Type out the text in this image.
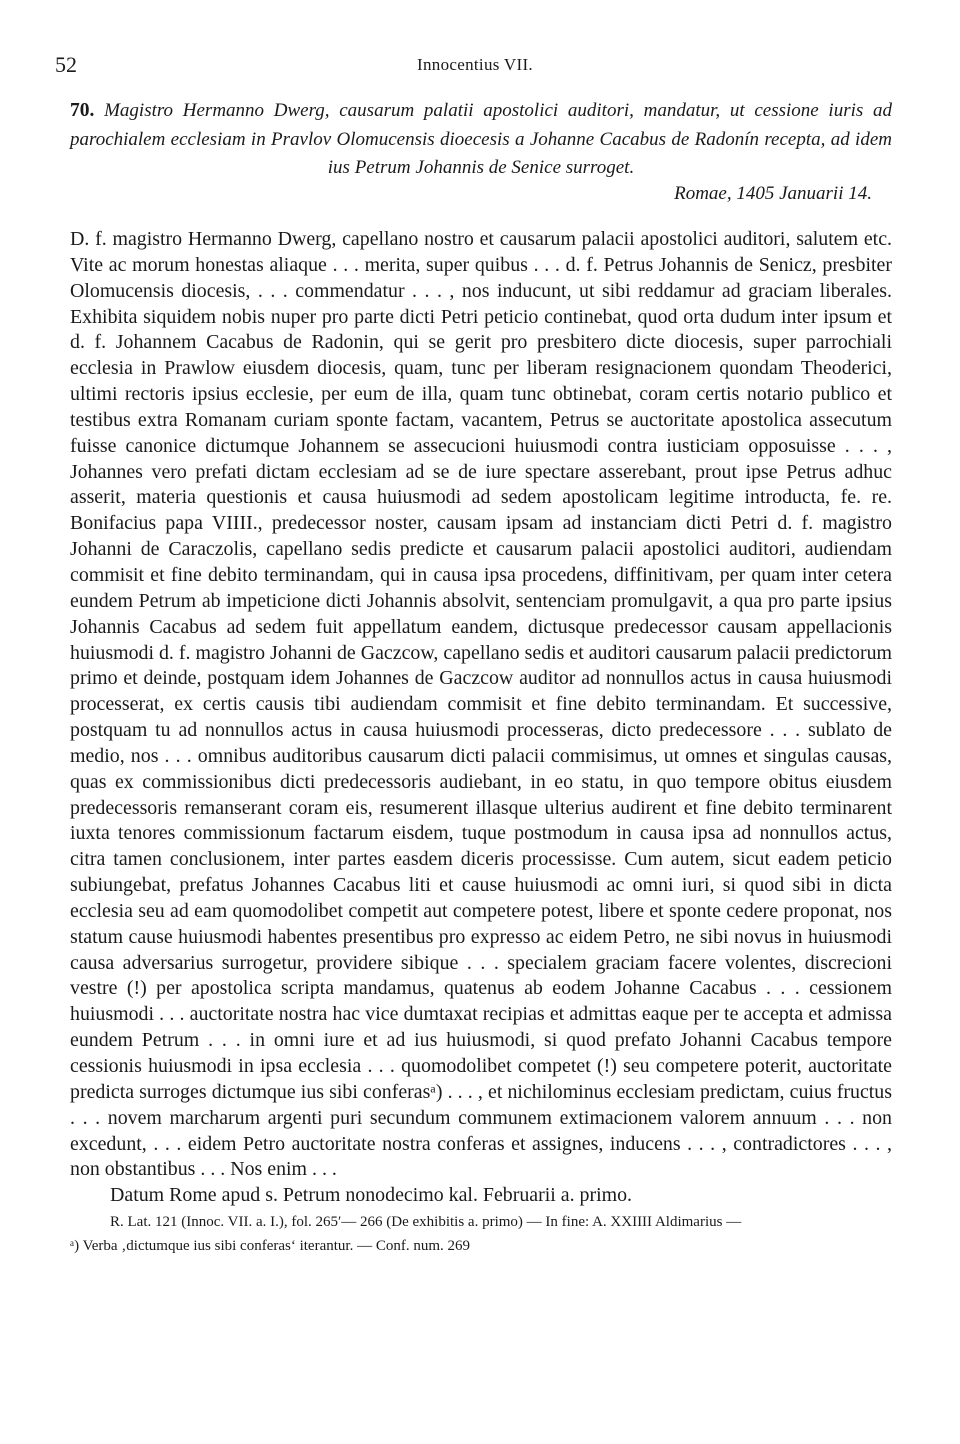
52	Innocentius VII.
70. Magistro Hermanno Dwerg, causarum palatii apostolici auditori, mandatur, ut cessione iuris ad parochialem ecclesiam in Pravlov Olomucensis dioecesis a Johanne Cacabus de Radonín recepta, ad idem ius Petrum Johannis de Senice surroget.
Romae, 1405 Januarii 14.

D. f. magistro Hermanno Dwerg, capellano nostro et causarum palacii apostolici auditori, salutem etc. Vite ac morum honestas aliaque . . . merita, super quibus . . . d. f. Petrus Johannis de Senicz, presbiter Olomucensis diocesis, . . . commendatur . . . , nos inducunt, ut sibi reddamur ad graciam liberales. Exhibita siquidem nobis nuper pro parte dicti Petri peticio continebat, quod orta dudum inter ipsum et d. f. Johannem Cacabus de Radonin, qui se gerit pro presbitero dicte diocesis, super parrochiali ecclesia in Prawlow eiusdem diocesis, quam, tunc per liberam resignacionem quondam Theoderici, ultimi rectoris ipsius ecclesie, per eum de illa, quam tunc obtinebat, coram certis notario publico et testibus extra Romanam curiam sponte factam, vacantem, Petrus se auctoritate apostolica assecutum fuisse canonice dictumque Johannem se assecucioni huiusmodi contra iusticiam opposuisse . . . , Johannes vero prefati dictam ecclesiam ad se de iure spectare asserebant, prout ipse Petrus adhuc asserit, materia questionis et causa huiusmodi ad sedem apostolicam legitime introducta, fe. re. Bonifacius papa VIIII., predecessor noster, causam ipsam ad instanciam dicti Petri d. f. magistro Johanni de Caraczolis, capellano sedis predicte et causarum palacii apostolici auditori, audiendam commisit et fine debito terminandam, qui in causa ipsa procedens, diffinitivam, per quam inter cetera eundem Petrum ab impeticione dicti Johannis absolvit, sentenciam promulgavit, a qua pro parte ipsius Johannis Cacabus ad sedem fuit appellatum eandem, dictusque predecessor causam appellacionis huiusmodi d. f. magistro Johanni de Gaczcow, capellano sedis et auditori causarum palacii predictorum primo et deinde, postquam idem Johannes de Gaczcow auditor ad nonnullos actus in causa huiusmodi processerat, ex certis causis tibi audiendam commisit et fine debito terminandam. Et successive, postquam tu ad nonnullos actus in causa huiusmodi processeras, dicto predecessore . . . sublato de medio, nos . . . omnibus auditoribus causarum dicti palacii commisimus, ut omnes et singulas causas, quas ex commissionibus dicti predecessoris audiebant, in eo statu, in quo tempore obitus eiusdem predecessoris remanserant coram eis, resumerent illasque ulterius audirent et fine debito terminarent iuxta tenores commissionum factarum eisdem, tuque postmodum in causa ipsa ad nonnullos actus, citra tamen conclusionem, inter partes easdem diceris processisse. Cum autem, sicut eadem peticio subiungebat, prefatus Johannes Cacabus liti et cause huiusmodi ac omni iuri, si quod sibi in dicta ecclesia seu ad eam quomodolibet competit aut competere potest, libere et sponte cedere proponat, nos statum cause huiusmodi habentes presentibus pro expresso ac eidem Petro, ne sibi novus in huiusmodi causa adversarius surrogetur, providere sibique . . . specialem graciam facere volentes, discrecioni vestre (!) per apostolica scripta mandamus, quatenus ab eodem Johanne Cacabus . . . cessionem huiusmodi . . . auctoritate nostra hac vice dumtaxat recipias et admittas eaque per te accepta et admissa eundem Petrum . . . in omni iure et ad ius huiusmodi, si quod prefato Johanni Cacabus tempore cessionis huiusmodi in ipsa ecclesia . . . quomodolibet competet (!) seu competere poterit, auctoritate predicta surroges dictumque ius sibi conferasᵃ) . . . , et nichilominus ecclesiam predictam, cuius fructus . . . novem marcharum argenti puri secundum communem extimacionem valorem annuum . . . non excedunt, . . . eidem Petro auctoritate nostra conferas et assignes, inducens . . . , contradictores . . . , non obstantibus . . . Nos enim . . .

Datum Rome apud s. Petrum nonodecimo kal. Februarii a. primo.

R. Lat. 121 (Innoc. VII. a. I.), fol. 265′— 266 (De exhibitis a. primo) — In fine: A. XXIIII Aldimarius —

ᵃ) Verba ‚dictumque ius sibi conferas‘ iterantur. — Conf. num. 269
